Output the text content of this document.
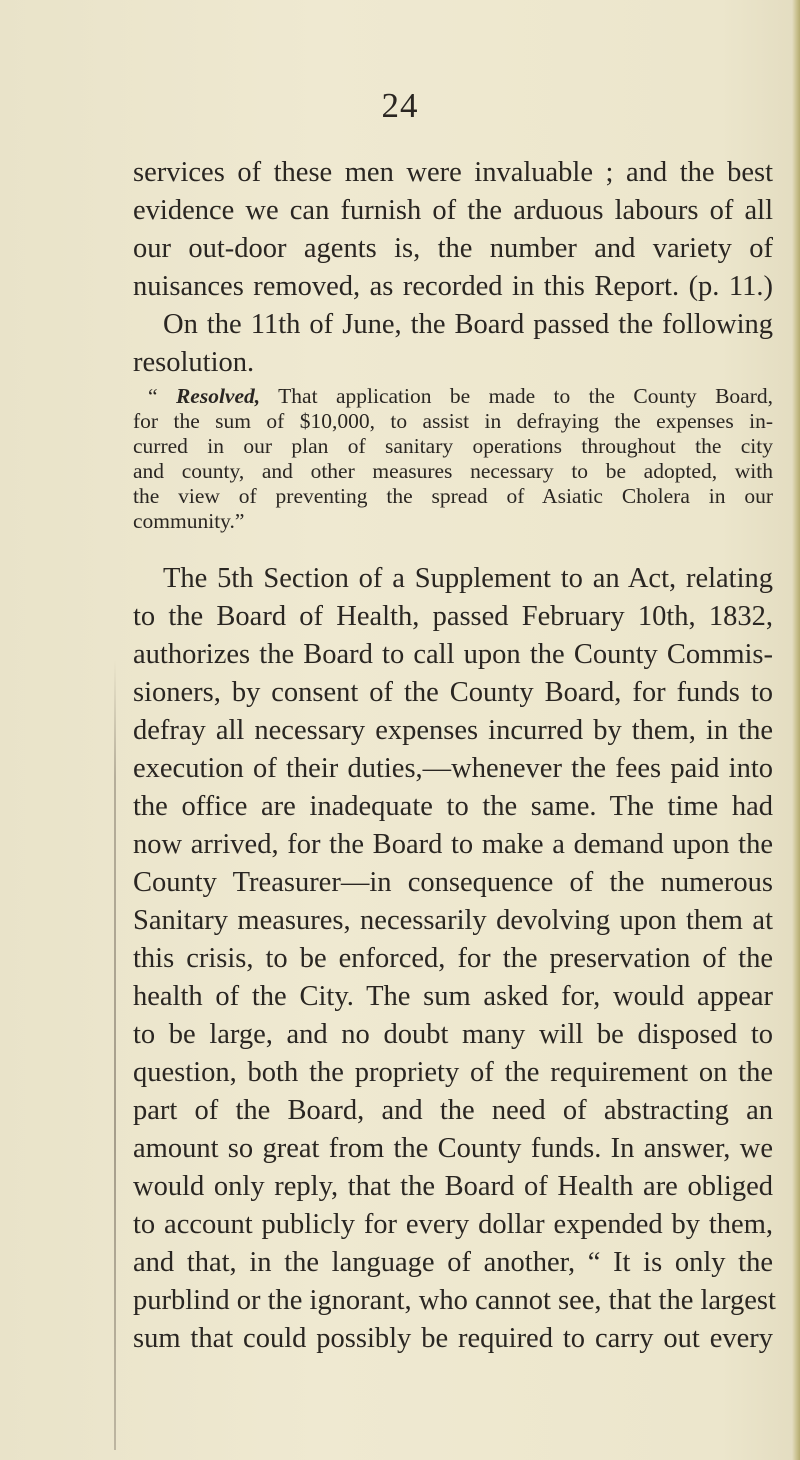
24
services of these men were invaluable ; and the best
evidence we can furnish of the arduous labours of all
our out-door agents is, the number and variety of
nuisances removed, as recorded in this Report. (p. 11.)
On the 11th of June, the Board passed the following
resolution.
“ Resolved, That application be made to the County Board,
for the sum of $10,000, to assist in defraying the expenses in-
curred in our plan of sanitary operations throughout the city
and county, and other measures necessary to be adopted, with
the view of preventing the spread of Asiatic Cholera in our
community.”
The 5th Section of a Supplement to an Act, relating
to the Board of Health, passed February 10th, 1832,
authorizes the Board to call upon the County Commis-
sioners, by consent of the County Board, for funds to
defray all necessary expenses incurred by them, in the
execution of their duties,—whenever the fees paid into
the office are inadequate to the same. The time had
now arrived, for the Board to make a demand upon the
County Treasurer—in consequence of the numerous
Sanitary measures, necessarily devolving upon them at
this crisis, to be enforced, for the preservation of the
health of the City. The sum asked for, would appear
to be large, and no doubt many will be disposed to
question, both the propriety of the requirement on the
part of the Board, and the need of abstracting an
amount so great from the County funds. In answer, we
would only reply, that the Board of Health are obliged
to account publicly for every dollar expended by them,
and that, in the language of another, “ It is only the
purblind or the ignorant, who cannot see, that the largest
sum that could possibly be required to carry out every
